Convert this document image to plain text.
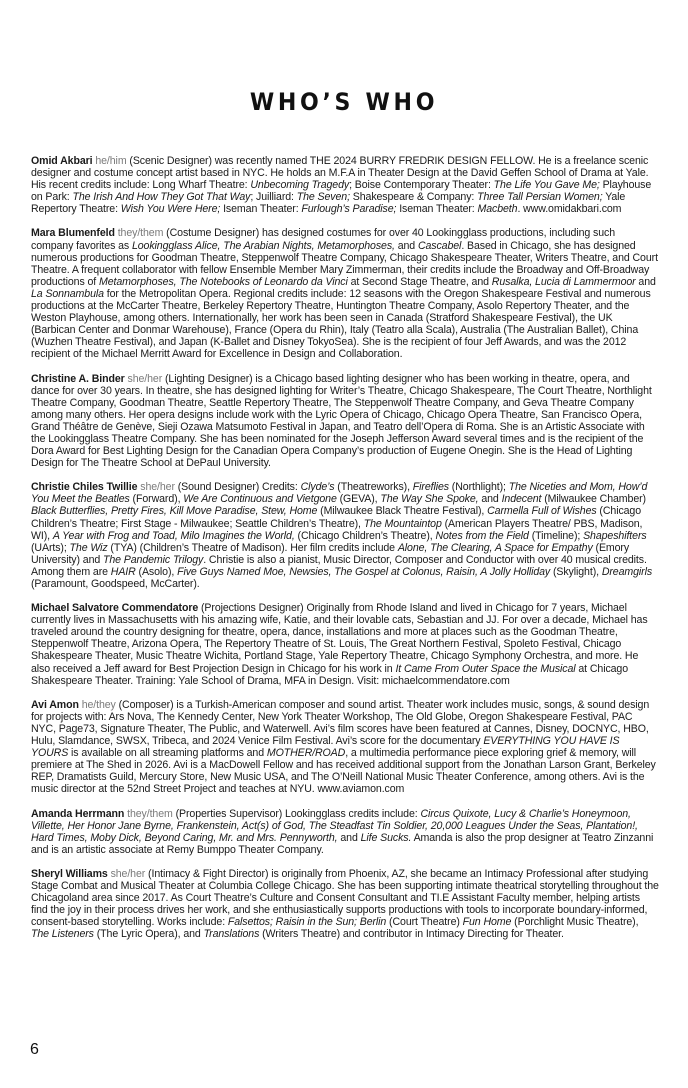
WHO’S WHO

Omid Akbari he/him (Scenic Designer) was recently named THE 2024 BURRY FREDRIK DESIGN FELLOW. He is a freelance scenic designer and costume concept artist based in NYC. He holds an M.F.A in Theater Design at the David Geffen School of Drama at Yale. His recent credits include: Long Wharf Theatre: Unbecoming Tragedy; Boise Contemporary Theater: The Life You Gave Me; Playhouse on Park: The Irish And How They Got That Way; Juilliard: The Seven; Shakespeare & Company: Three Tall Persian Women; Yale Repertory Theatre: Wish You Were Here; Iseman Theater: Furlough’s Paradise; Iseman Theater: Macbeth. www.omidakbari.com

Mara Blumenfeld they/them (Costume Designer) has designed costumes for over 40 Lookingglass productions, including such company favorites as Lookingglass Alice, The Arabian Nights, Metamorphoses, and Cascabel. Based in Chicago, she has designed numerous productions for Goodman Theatre, Steppenwolf Theatre Company, Chicago Shakespeare Theater, Writers Theatre, and Court Theatre. A frequent collaborator with fellow Ensemble Member Mary Zimmerman, their credits include the Broadway and Off-Broadway productions of Metamorphoses, The Notebooks of Leonardo da Vinci at Second Stage Theatre, and Rusalka, Lucia di Lammermoor and La Sonnambula for the Metropolitan Opera. Regional credits include: 12 seasons with the Oregon Shakespeare Festival and numerous productions at the McCarter Theatre, Berkeley Repertory Theatre, Huntington Theatre Company, Asolo Repertory Theater, and the Weston Playhouse, among others. Internationally, her work has been seen in Canada (Stratford Shakespeare Festival), the UK (Barbican Center and Donmar Warehouse), France (Opera du Rhin), Italy (Teatro alla Scala), Australia (The Australian Ballet), China (Wuzhen Theatre Festival), and Japan (K-Ballet and Disney TokyoSea). She is the recipient of four Jeff Awards, and was the 2012 recipient of the Michael Merritt Award for Excellence in Design and Collaboration.

Christine A. Binder she/her (Lighting Designer) is a Chicago based lighting designer who has been working in theatre, opera, and dance for over 30 years. In theatre, she has designed lighting for Writer’s Theatre, Chicago Shakespeare, The Court Theatre, Northlight Theatre Company, Goodman Theatre, Seattle Repertory Theatre, The Steppenwolf Theatre Company, and Geva Theatre Company among many others. Her opera designs include work with the Lyric Opera of Chicago, Chicago Opera Theatre, San Francisco Opera, Grand Théâtre de Genève, Sieji Ozawa Matsumoto Festival in Japan, and Teatro dell’Opera di Roma. She is an Artistic Associate with the Lookingglass Theatre Company. She has been nominated for the Joseph Jefferson Award several times and is the recipient of the Dora Award for Best Lighting Design for the Canadian Opera Company’s production of Eugene Onegin. She is the Head of Lighting Design for The Theatre School at DePaul University.

Christie Chiles Twillie she/her (Sound Designer) Credits: Clyde’s (Theatreworks), Fireflies (Northlight); The Niceties and Mom, How’d You Meet the Beatles (Forward), We Are Continuous and Vietgone (GEVA), The Way She Spoke, and Indecent (Milwaukee Chamber) Black Butterflies, Pretty Fires, Kill Move Paradise, Stew, Home (Milwaukee Black Theatre Festival), Carmella Full of Wishes (Chicago Children’s Theatre; First Stage - Milwaukee; Seattle Children’s Theatre), The Mountaintop (American Players Theatre/ PBS, Madison, WI), A Year with Frog and Toad, Milo Imagines the World, (Chicago Children’s Theatre), Notes from the Field (Timeline); Shapeshifters (UArts); The Wiz (TYA) (Children’s Theatre of Madison). Her film credits include Alone, The Clearing, A Space for Empathy (Emory University) and The Pandemic Trilogy. Christie is also a pianist, Music Director, Composer and Conductor with over 40 musical credits. Among them are HAIR (Asolo), Five Guys Named Moe, Newsies, The Gospel at Colonus, Raisin, A Jolly Holliday (Skylight), Dreamgirls (Paramount, Goodspeed, McCarter).

Michael Salvatore Commendatore (Projections Designer) Originally from Rhode Island and lived in Chicago for 7 years, Michael currently lives in Massachusetts with his amazing wife, Katie, and their lovable cats, Sebastian and JJ. For over a decade, Michael has traveled around the country designing for theatre, opera, dance, installations and more at places such as the Goodman Theatre, Steppenwolf Theatre, Arizona Opera, The Repertory Theatre of St. Louis, The Great Northern Festival, Spoleto Festival, Chicago Shakespeare Theater, Music Theatre Wichita, Portland Stage, Yale Repertory Theatre, Chicago Symphony Orchestra, and more. He also received a Jeff award for Best Projection Design in Chicago for his work in It Came From Outer Space the Musical at Chicago Shakespeare Theater. Training: Yale School of Drama, MFA in Design. Visit: michaelcommendatore.com

Avi Amon he/they (Composer) is a Turkish-American composer and sound artist. Theater work includes music, songs, & sound design for projects with: Ars Nova, The Kennedy Center, New York Theater Workshop, The Old Globe, Oregon Shakespeare Festival, PAC NYC, Page73, Signature Theater, The Public, and Waterwell. Avi’s film scores have been featured at Cannes, Disney, DOCNYC, HBO, Hulu, Slamdance, SWSX, Tribeca, and 2024 Venice Film Festival. Avi’s score for the documentary EVERYTHING YOU HAVE IS YOURS is available on all streaming platforms and MOTHER/ROAD, a multimedia performance piece exploring grief & memory, will premiere at The Shed in 2026. Avi is a MacDowell Fellow and has received additional support from the Jonathan Larson Grant, Berkeley REP, Dramatists Guild, Mercury Store, New Music USA, and The O’Neill National Music Theater Conference, among others. Avi is the music director at the 52nd Street Project and teaches at NYU. www.aviamon.com

Amanda Herrmann they/them (Properties Supervisor) Lookingglass credits include: Circus Quixote, Lucy & Charlie’s Honeymoon, Villette, Her Honor Jane Byrne, Frankenstein, Act(s) of God, The Steadfast Tin Soldier, 20,000 Leagues Under the Seas, Plantation!, Hard Times, Moby Dick, Beyond Caring, Mr. and Mrs. Pennyworth, and Life Sucks. Amanda is also the prop designer at Teatro Zinzanni and is an artistic associate at Remy Bumppo Theater Company.

Sheryl Williams she/her (Intimacy & Fight Director) is originally from Phoenix, AZ, she became an Intimacy Professional after studying Stage Combat and Musical Theater at Columbia College Chicago. She has been supporting intimate theatrical storytelling throughout the Chicagoland area since 2017. As Court Theatre’s Culture and Consent Consultant and TI.E Assistant Faculty member, helping artists find the joy in their process drives her work, and she enthusiastically supports productions with tools to incorporate boundary-informed, consent-based storytelling. Works include: Falsettos; Raisin in the Sun; Berlin (Court Theatre) Fun Home (Porchlight Music Theatre), The Listeners (The Lyric Opera), and Translations (Writers Theatre) and contributor in Intimacy Directing for Theater.

6
